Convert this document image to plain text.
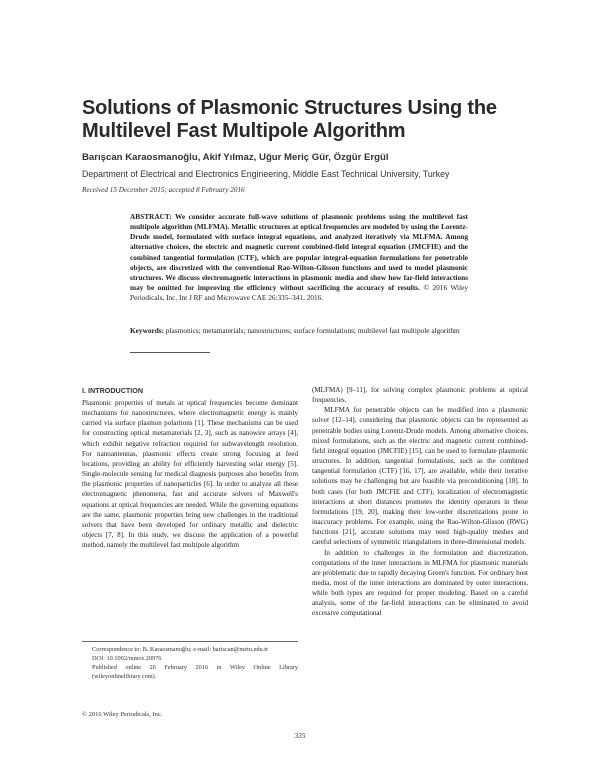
Solutions of Plasmonic Structures Using the Multilevel Fast Multipole Algorithm
Barışcan Karaosmanoğlu, Akif Yılmaz, Uğur Meriç Gür, Özgür Ergül
Department of Electrical and Electronics Engineering, Middle East Technical University, Turkey
Received 15 December 2015; accepted 8 February 2016
ABSTRACT: We consider accurate full-wave solutions of plasmonic problems using the multilevel fast multipole algorithm (MLFMA). Metallic structures at optical frequencies are modeled by using the Lorentz-Drude model, formulated with surface integral equations, and analyzed iteratively via MLFMA. Among alternative choices, the electric and magnetic current combined-field integral equation (JMCFIE) and the combined tangential formulation (CTF), which are popular integral-equation formulations for penetrable objects, are discretized with the conventional Rao-Wilton-Glisson functions and used to model plasmonic structures. We discuss electromagnetic interactions in plasmonic media and show how far-field interactions may be omitted for improving the efficiency without sacrificing the accuracy of results. © 2016 Wiley Periodicals, Inc. Int J RF and Microwave CAE 26:335–341, 2016.
Keywords: plasmonics; metamaterials; nanostructures; surface formulations; multilevel fast multipole algorithm
I. INTRODUCTION

Plasmonic properties of metals at optical frequencies become dominant mechanisms for nanostructures, where electromagnetic energy is mainly carried via surface plasmon polaritons [1]. These mechanisms can be used for constructing optical metamaterials [2, 3], such as nanowire arrays [4], which exhibit negative refraction required for subwavelength resolution. For nanoantennas, plasmonic effects create strong focusing at feed locations, providing an ability for efficiently harvesting solar energy [5]. Single-molecule sensing for medical diagnosis purposes also benefits from the plasmonic properties of nanoparticles [6]. In order to analyze all these electromagnetic phenomena, fast and accurate solvers of Maxwell's equations at optical frequencies are needed. While the governing equations are the same, plasmonic properties bring new challenges in the traditional solvers that have been developed for ordinary metallic and dielectric objects [7, 8]. In this study, we discuss the application of a powerful method, namely the multilevel fast multipole algorithm

(MLFMA) [9–11], for solving complex plasmonic problems at optical frequencies.

MLFMA for penetrable objects can be modified into a plasmonic solver [12–14], considering that plasmonic objects can be represented as penetrable bodies using Lorentz-Drude models. Among alternative choices, mixed formulations, such as the electric and magnetic current combined-field integral equation (JMCFIE) [15], can be used to formulate plasmonic structures. In addition, tangential formulations, such as the combined tangential formulation (CTF) [16, 17], are available, while their iterative solutions may be challenging but are feasible via preconditioning [18]. In both cases (for both JMCFIE and CTF), localization of electromagnetic interactions at short distances promotes the identity operators in these formulations [19, 20], making their low-order discretizations prone to inaccuracy problems. For example, using the Rao-Wilton-Glisson (RWG) functions [21], accurate solutions may need high-quality meshes and careful selections of symmetric triangulations in three-dimensional models.

In addition to challenges in the formulation and discretization, computations of the inner interactions in MLFMA for plasmonic materials are problematic due to rapidly decaying Green's function. For ordinary host media, most of the inner interactions are dominated by outer interactions, while both types are required for proper modeling. Based on a careful analysis, some of the far-field interactions can be eliminated to avoid excessive computational

Correspondence to: B. Karaosmanoğlu; e-mail: bariscan@metu.edu.tr

DOI: 10.1002/mmce.20976

Published online 26 February 2016 in Wiley Online Library (wileyonlinelibrary.com).

© 2016 Wiley Periodicals, Inc.
335
